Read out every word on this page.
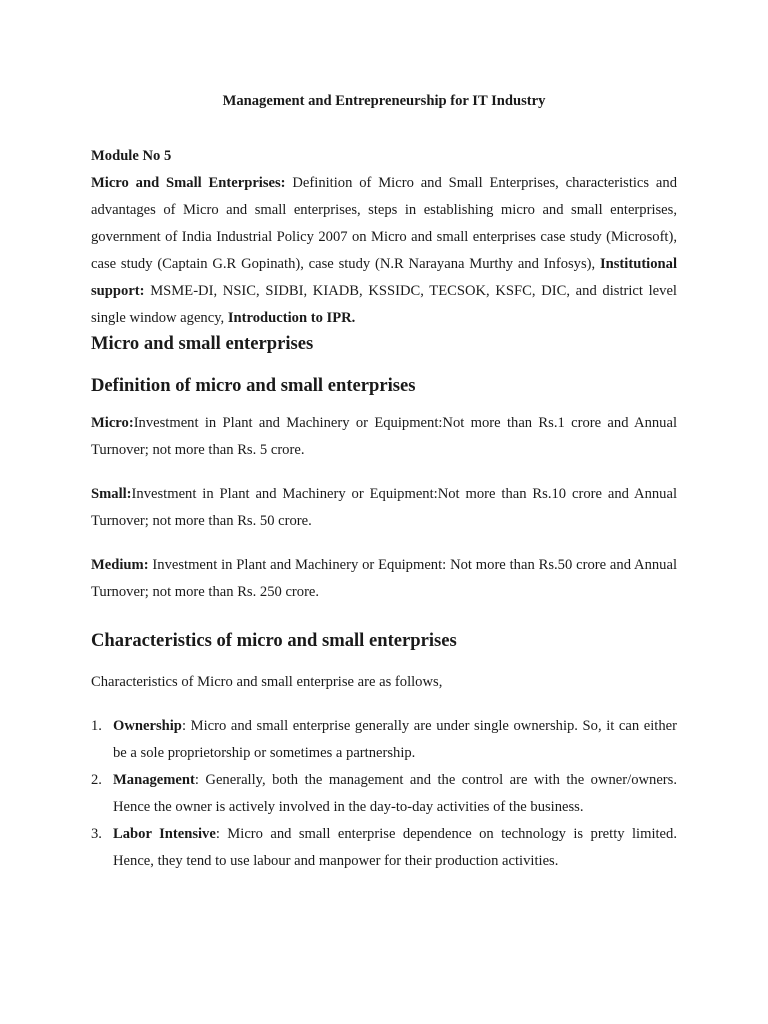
Management and Entrepreneurship for IT Industry
Module No 5
Micro and Small Enterprises: Definition of Micro and Small Enterprises, characteristics and advantages of Micro and small enterprises, steps in establishing micro and small enterprises, government of India Industrial Policy 2007 on Micro and small enterprises case study (Microsoft), case study (Captain G.R Gopinath), case study (N.R Narayana Murthy and Infosys), Institutional support: MSME-DI, NSIC, SIDBI, KIADB, KSSIDC, TECSOK, KSFC, DIC, and district level single window agency, Introduction to IPR.
Micro and small enterprises
Definition of micro and small enterprises
Micro:Investment in Plant and Machinery or Equipment:Not more than Rs.1 crore and Annual Turnover; not more than Rs. 5 crore.
Small:Investment in Plant and Machinery or Equipment:Not more than Rs.10 crore and Annual Turnover; not more than Rs. 50 crore.
Medium: Investment in Plant and Machinery or Equipment: Not more than Rs.50 crore and Annual Turnover; not more than Rs. 250 crore.
Characteristics of micro and small enterprises
Characteristics of Micro and small enterprise are as follows,
1. Ownership: Micro and small enterprise generally are under single ownership. So, it can either be a sole proprietorship or sometimes a partnership.
2. Management: Generally, both the management and the control are with the owner/owners. Hence the owner is actively involved in the day-to-day activities of the business.
3. Labor Intensive: Micro and small enterprise dependence on technology is pretty limited. Hence, they tend to use labour and manpower for their production activities.
